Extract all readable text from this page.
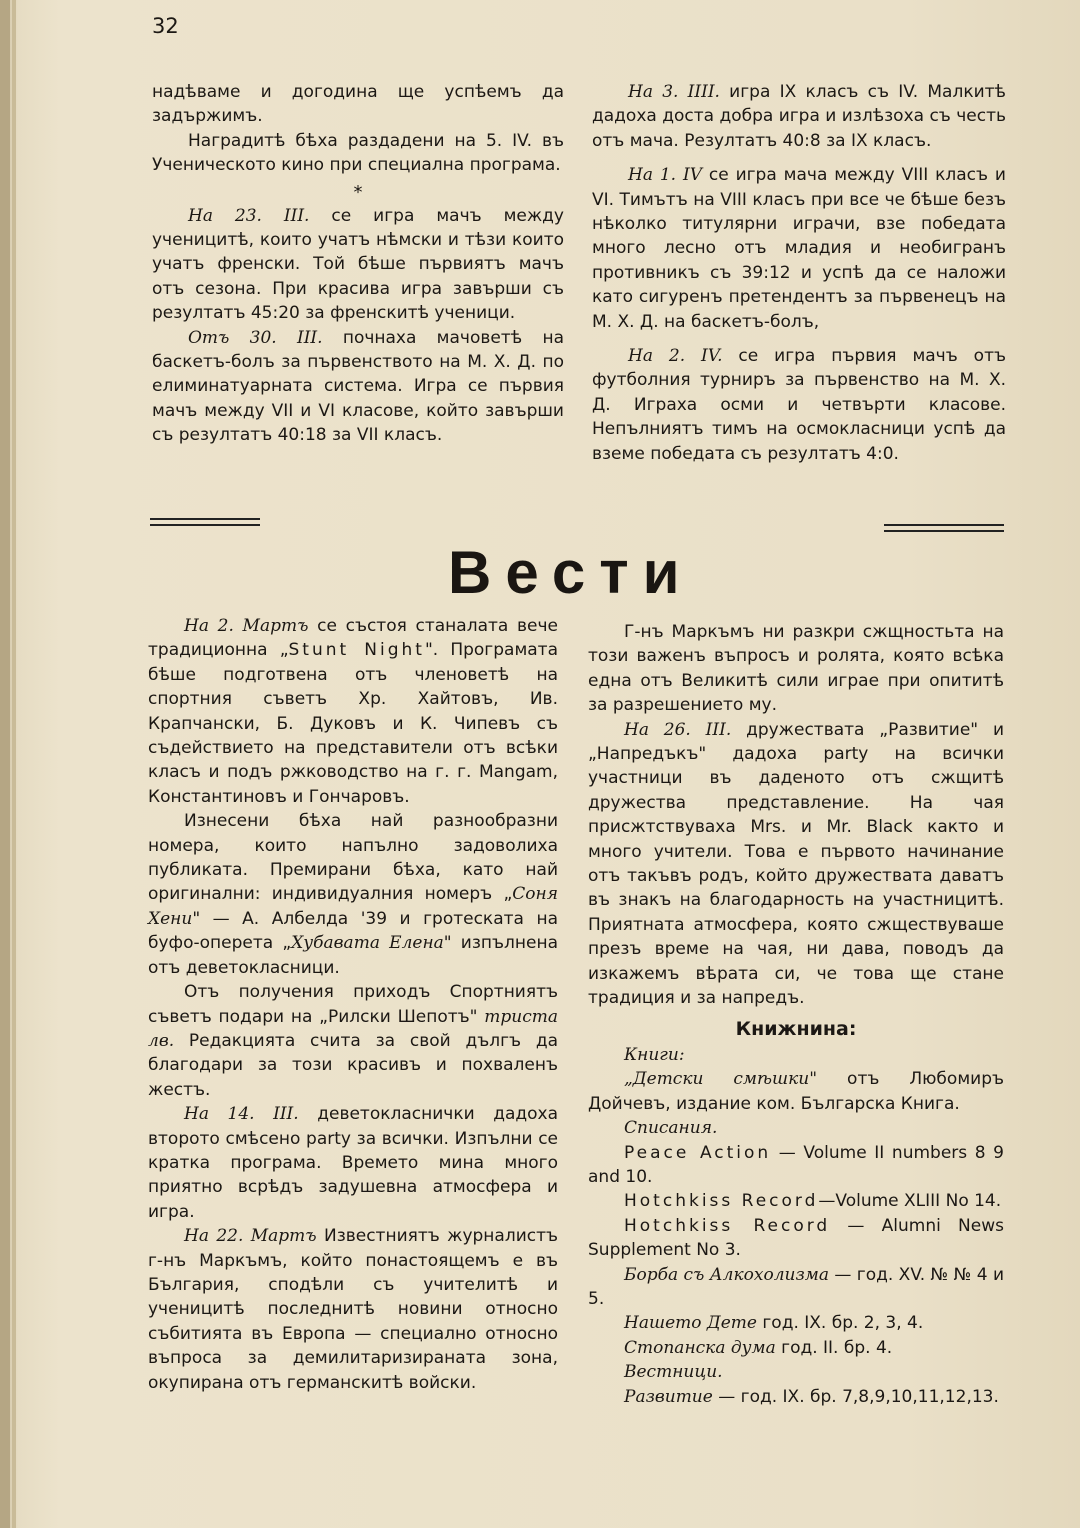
32

надѣваме и догодина ще успѣемъ да задържимъ.

Наградитѣ бѣха раздадени на 5. IV. въ Ученическото кино при специална програма.

*

На 23. III. се игра мачъ между ученицитѣ, които учатъ нѣмски и тѣзи които учатъ френски. Той бѣше първиятъ мачъ отъ сезона. При красива игра завърши съ резултатъ 45:20 за френскитѣ ученици.

Отъ 30. III. почнаха мачоветѣ на баскетъ-болъ за първенството на М. Х. Д. по елиминатуарната система. Игра се първия мачъ между VII и VI класове, който завърши съ резултатъ 40:18 за VII класъ.

На 3. IIII. игра IX класъ съ IV. Малкитѣ дадоха доста добра игра и излѣзоха съ честь отъ мача. Резултатъ 40:8 за IX класъ.

На 1. IV се игра мача между VIII класъ и VI. Тимътъ на VIII класъ при все че бѣше безъ нѣколко титулярни играчи, взе победата много лесно отъ младия и необигранъ противникъ съ 39:12 и успѣ да се наложи като сигуренъ претендентъ за първенецъ на М. Х. Д. на баскетъ-болъ,

На 2. IV. се игра първия мачъ отъ футболния турниръ за първенство на М. Х. Д. Играха осми и четвърти класове. Непълниятъ тимъ на осмокласници успѣ да вземе победата съ резултатъ 4:0.

Вести

На 2. Мартъ се състоя станалата вече традиционна „Stunt Night". Програмата бѣше подготвена отъ членоветѣ на спортния съветъ Хр. Хайтовъ, Ив. Крапчански, Б. Дуковъ и К. Чипевъ съ съдействието на представители отъ всѣки класъ и подъ ржководство на г. г. Mangam, Константиновъ и Гончаровъ.

Изнесени бѣха най разнообразни номера, които напълно задоволиха публиката. Премирани бѣха, като най оригинални: индивидуалния номеръ „Соня Хени" — А. Албелда '39 и гротескатa на буфо-оперета „Хубавата Елена" изпълнена отъ деветокласници.

Отъ получения приходъ Спортниятъ съветъ подари на „Рилски Шепотъ" триста лв. Редакцията счита за свой дългъ да благодари за този красивъ и похваленъ жестъ.

На 14. III. деветокласнички дадоха второто смѣсено party за всички. Изпълни се кратка програма. Времето мина много приятно всрѣдъ задушевна атмосфера и игра.

На 22. Мартъ Известниятъ журналистъ г-нъ Маркъмъ, който понастоящемъ е въ България, сподѣли съ учителитѣ и ученицитѣ последнитѣ новини относно събитията въ Европа — специално относно въпроса за демилитаризираната зона, окупирана отъ германскитѣ войски.

Г-нъ Маркъмъ ни разкри сжщностьта на този важенъ въпросъ и ролята, която всѣка една отъ Великитѣ сили играе при опититѣ за разрешението му.

На 26. III. дружествата „Развитие" и „Напредъкъ" дадоха party на всички участници въ даденото отъ сжщитѣ дружества представление. На чая присжтствуваха Mrs. и Mr. Black както и много учители. Това е първото начинание отъ такъвъ родъ, който дружествата даватъ въ знакъ на благодарность на учаcтницитѣ. Приятната атмосфера, която сжществуваше презъ време на чая, ни дава, поводъ да изкажемъ вѣрата си, че това ще стане традиция и за напредъ.

Книжнина:

Книги:

„Детски смѣшки" отъ Любомиръ Дойчевъ, издание ком. Българска Книга.

Списания.

Peace Action — Volume II numbers 8 9 and 10.

Hotchkiss Record—Volume XLIII No 14.

Hotchkiss Record — Alumni News Supplement No 3.

Борба съ Алкохолизма — год. XV. № № 4 и 5.

Нашето Дете год. IX. бр. 2, 3, 4.

Стопанска дума год. II. бр. 4.

Вестници.

Развитие — год. IX. бр. 7,8,9,10,11,12,13.
